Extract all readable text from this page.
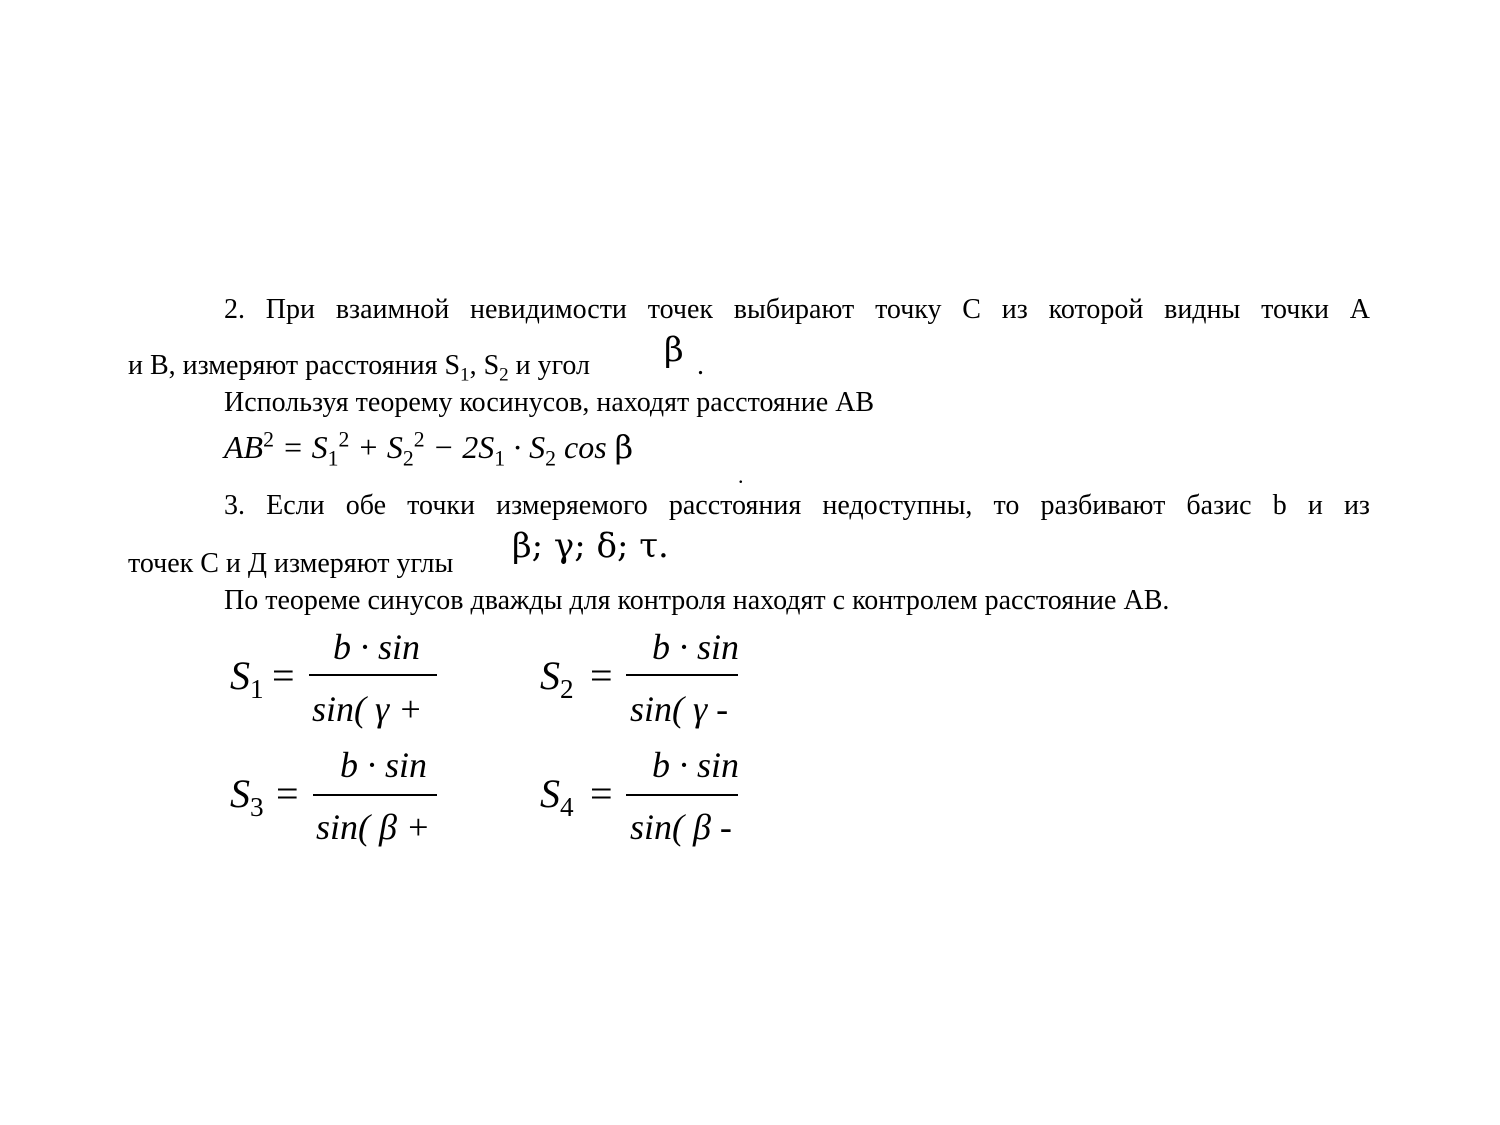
2. При взаимной невидимости точек выбирают точку С из которой видны точки А
и В, измеряют расстояния $S_1$, $S_2$ и угол β .
Используя теорему косинусов, находят расстояние АВ
$AB^2 = S_1^2 + S_2^2 - 2S_1 \cdot S_2$ cos β
.
3. Если обе точки измеряемого расстояния недоступны, то разбивают базис b и из
точек С и Д измеряют углы β; γ; δ; τ.
По теореме синусов дважды для контроля находят с контролем расстояние АВ.
$S_1$ =
b · sin
sin( γ +
$S_2$ =
b · sin
sin( γ -
$S_3$ =
b · sin
sin( β +
$S_4$ =
b · sin
sin( β -
